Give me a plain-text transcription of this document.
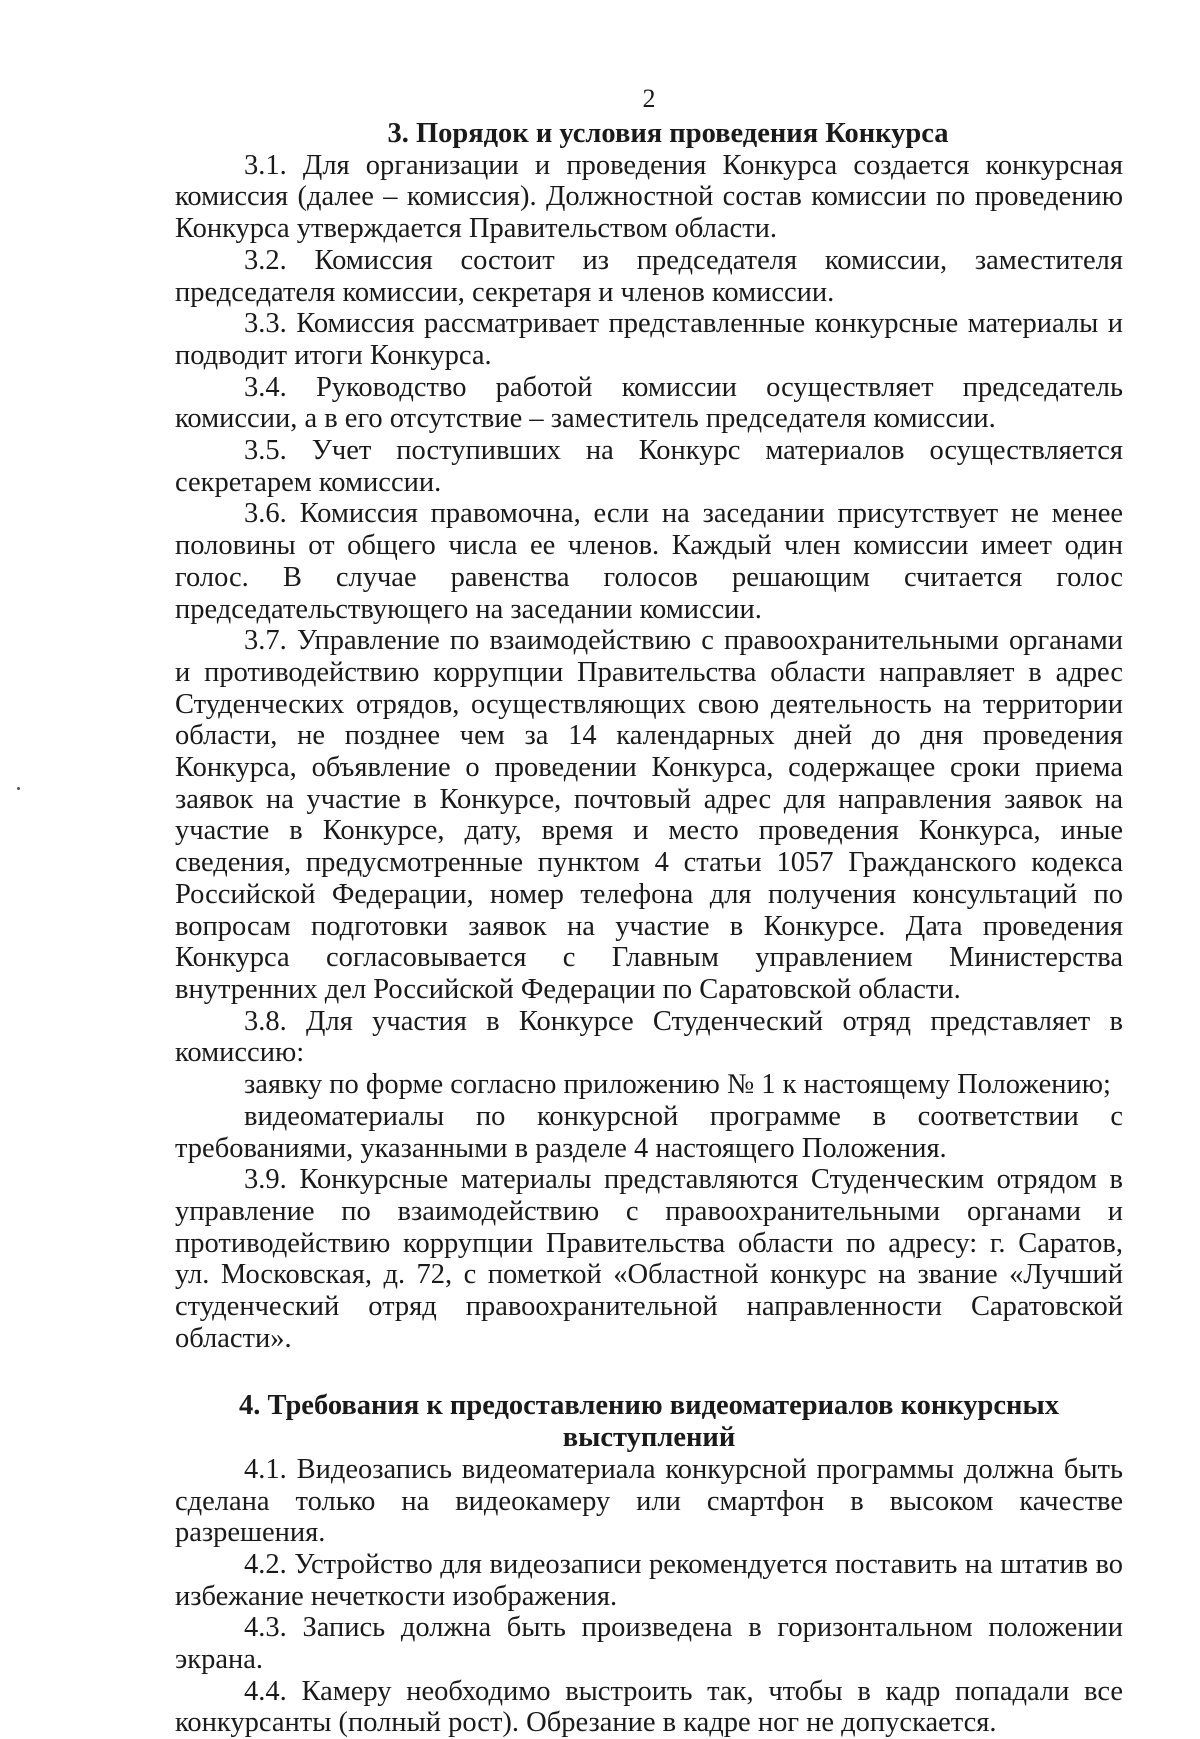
2
3. Порядок и условия проведения Конкурса

3.1. Для организации и проведения Конкурса создается конкурсная комиссия (далее – комиссия). Должностной состав комиссии по проведению Конкурса утверждается Правительством области.

3.2. Комиссия состоит из председателя комиссии, заместителя председателя комиссии, секретаря и членов комиссии.

3.3. Комиссия рассматривает представленные конкурсные материалы и подводит итоги Конкурса.

3.4. Руководство работой комиссии осуществляет председатель комиссии, а в его отсутствие – заместитель председателя комиссии.

3.5. Учет поступивших на Конкурс материалов осуществляется секретарем комиссии.

3.6. Комиссия правомочна, если на заседании присутствует не менее половины от общего числа ее членов. Каждый член комиссии имеет один голос. В случае равенства голосов решающим считается голос председательствующего на заседании комиссии.

3.7. Управление по взаимодействию с правоохранительными органами и противодействию коррупции Правительства области направляет в адрес Студенческих отрядов, осуществляющих свою деятельность на территории области, не позднее чем за 14 календарных дней до дня проведения Конкурса, объявление о проведении Конкурса, содержащее сроки приема заявок на участие в Конкурсе, почтовый адрес для направления заявок на участие в Конкурсе, дату, время и место проведения Конкурса, иные сведения, предусмотренные пунктом 4 статьи 1057 Гражданского кодекса Российской Федерации, номер телефона для получения консультаций по вопросам подготовки заявок на участие в Конкурсе. Дата проведения Конкурса согласовывается с Главным управлением Министерства внутренних дел Российской Федерации по Саратовской области.

3.8. Для участия в Конкурсе Студенческий отряд представляет в комиссию:

заявку по форме согласно приложению № 1 к настоящему Положению;

видеоматериалы по конкурсной программе в соответствии с требованиями, указанными в разделе 4 настоящего Положения.

3.9. Конкурсные материалы представляются Студенческим отрядом в управление по взаимодействию с правоохранительными органами и противодействию коррупции Правительства области по адресу: г. Саратов, ул. Московская, д. 72, с пометкой «Областной конкурс на звание «Лучший студенческий отряд правоохранительной направленности Саратовской области».

4. Требования к предоставлению видеоматериалов конкурсных выступлений

4.1. Видеозапись видеоматериала конкурсной программы должна быть сделана только на видеокамеру или смартфон в высоком качестве разрешения.

4.2. Устройство для видеозаписи рекомендуется поставить на штатив во избежание нечеткости изображения.

4.3. Запись должна быть произведена в горизонтальном положении экрана.

4.4. Камеру необходимо выстроить так, чтобы в кадр попадали все конкурсанты (полный рост). Обрезание в кадре ног не допускается.
